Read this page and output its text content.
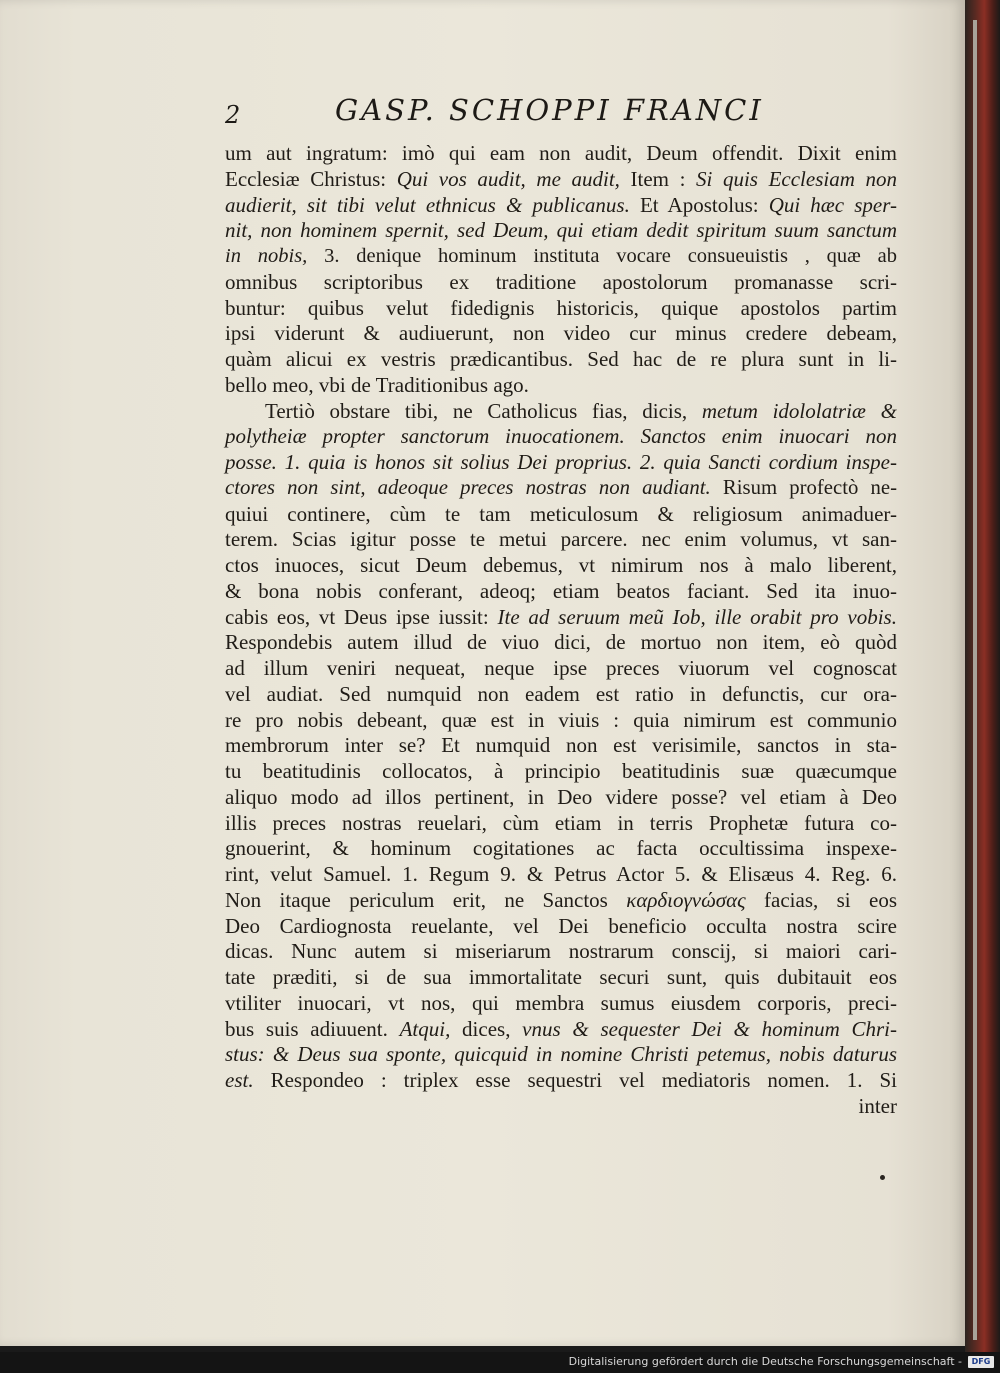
2	GASP. SCHOPPI FRANCI
um aut ingratum: imò qui eam non audit, Deum offendit. Dixit enim
Ecclesiæ Christus: Qui vos audit, me audit, Item : Si quis Ecclesiam non
audierit, sit tibi velut ethnicus & publicanus. Et Apostolus: Qui hæc sper-
nit, non hominem spernit, sed Deum, qui etiam dedit spiritum suum sanctum
in nobis, 3. denique hominum instituta vocare consueuistis , quæ ab
omnibus scriptoribus ex traditione apostolorum promanasse scri-
buntur: quibus velut fidedignis historicis, quique apostolos partim
ipsi viderunt & audiuerunt, non video cur minus credere debeam,
quàm alicui ex vestris prædicantibus. Sed hac de re plura sunt in li-
bello meo, vbi de Traditionibus ago.
Tertiò obstare tibi, ne Catholicus fias, dicis, metum idololatriæ &
polytheiæ propter sanctorum inuocationem. Sanctos enim inuocari non
posse. 1. quia is honos sit solius Dei proprius. 2. quia Sancti cordium inspe-
ctores non sint, adeoque preces nostras non audiant. Risum profectò ne-
quiui continere, cùm te tam meticulosum & religiosum animaduer-
terem. Scias igitur posse te metui parcere. nec enim volumus, vt san-
ctos inuoces, sicut Deum debemus, vt nimirum nos à malo liberent,
& bona nobis conferant, adeoq; etiam beatos faciant. Sed ita inuo-
cabis eos, vt Deus ipse iussit: Ite ad seruum meũ Iob, ille orabit pro vobis.
Respondebis autem illud de viuo dici, de mortuo non item, eò quòd
ad illum veniri nequeat, neque ipse preces viuorum vel cognoscat
vel audiat. Sed numquid non eadem est ratio in defunctis, cur ora-
re pro nobis debeant, quæ est in viuis : quia nimirum est communio
membrorum inter se? Et numquid non est verisimile, sanctos in sta-
tu beatitudinis collocatos, à principio beatitudinis suæ quæcumque
aliquo modo ad illos pertinent, in Deo videre posse? vel etiam à Deo
illis preces nostras reuelari, cùm etiam in terris Prophetæ futura co-
gnouerint, & hominum cogitationes ac facta occultissima inspexe-
rint, velut Samuel. 1. Regum 9. & Petrus Actor 5. & Elisæus 4. Reg. 6.
Non itaque periculum erit, ne Sanctos καρδιογνώσας facias, si eos
Deo Cardiognosta reuelante, vel Dei beneficio occulta nostra scire
dicas. Nunc autem si miseriarum nostrarum conscij, si maiori cari-
tate præditi, si de sua immortalitate securi sunt, quis dubitauit eos
vtiliter inuocari, vt nos, qui membra sumus eiusdem corporis, preci-
bus suis adiuuent. Atqui, dices, vnus & sequester Dei & hominum Chri-
stus: & Deus sua sponte, quicquid in nomine Christi petemus, nobis daturus
est. Respondeo : triplex esse sequestri vel mediatoris nomen. 1. Si
inter
Digitalisierung gefördert durch die Deutsche Forschungsgemeinschaft -	DFG
